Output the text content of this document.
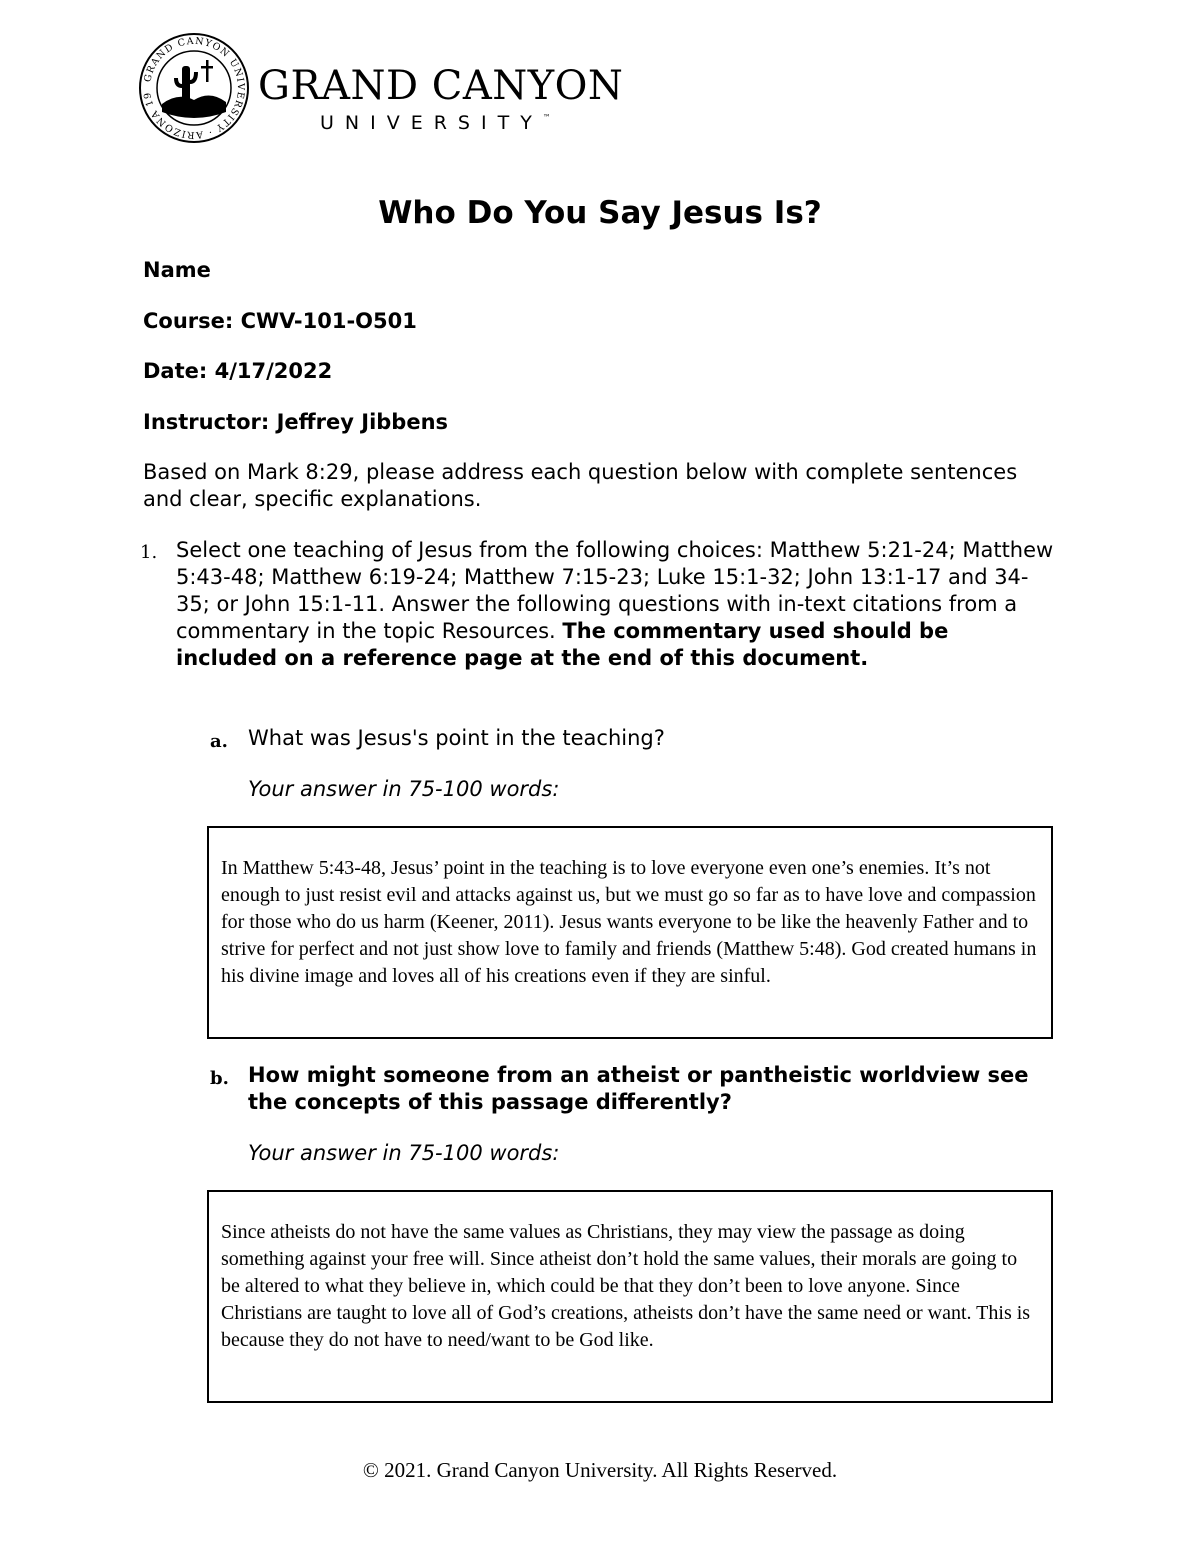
GRAND CANYON UNIVERSITY · ARIZONA 19	GRAND CANYON
UNIVERSITY™
Who Do You Say Jesus Is?
Name
Course: CWV-101-O501
Date: 4/17/2022
Instructor: Jeffrey Jibbens
Based on Mark 8:29, please address each question below with complete sentences and clear, specific explanations.
1. Select one teaching of Jesus from the following choices: Matthew 5:21-24; Matthew 5:43-48; Matthew 6:19-24; Matthew 7:15-23; Luke 15:1-32; John 13:1-17 and 34-35; or John 15:1-11. Answer the following questions with in-text citations from a commentary in the topic Resources. The commentary used should be included on a reference page at the end of this document.
a. What was Jesus's point in the teaching?
Your answer in 75-100 words:
In Matthew 5:43-48, Jesus’ point in the teaching is to love everyone even one’s enemies. It’s not enough to just resist evil and attacks against us, but we must go so far as to have love and compassion for those who do us harm (Keener, 2011). Jesus wants everyone to be like the heavenly Father and to strive for perfect and not just show love to family and friends (Matthew 5:48). God created humans in his divine image and loves all of his creations even if they are sinful.
b. How might someone from an atheist or pantheistic worldview see the concepts of this passage differently?
Your answer in 75-100 words:
Since atheists do not have the same values as Christians, they may view the passage as doing something against your free will. Since atheist don’t hold the same values, their morals are going to be altered to what they believe in, which could be that they don’t been to love anyone. Since Christians are taught to love all of God’s creations, atheists don’t have the same need or want. This is because they do not have to need/want to be God like.
© 2021. Grand Canyon University. All Rights Reserved.
